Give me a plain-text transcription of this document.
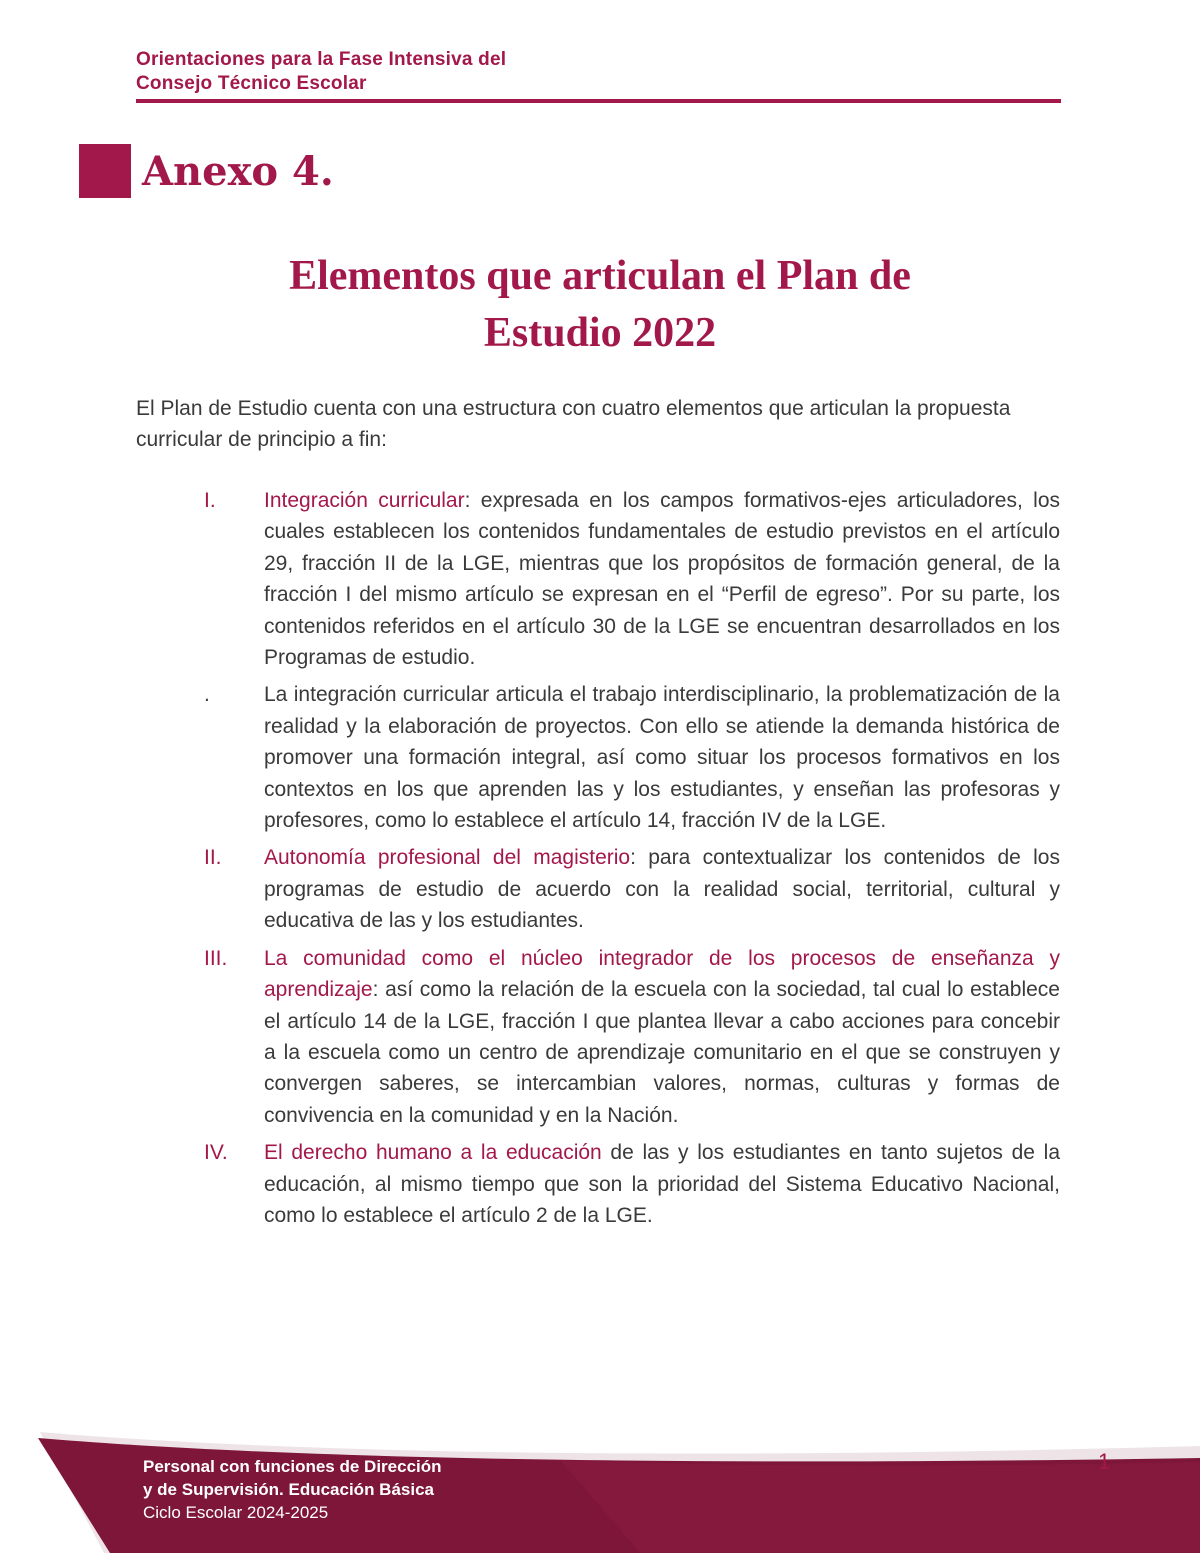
Orientaciones para la Fase Intensiva del
Consejo Técnico Escolar
Anexo 4.
Elementos que articulan el Plan de
Estudio 2022
El Plan de Estudio cuenta con una estructura con cuatro elementos que articulan la propuesta curricular de principio a fin:
I. Integración curricular: expresada en los campos formativos-ejes articuladores, los cuales establecen los contenidos fundamentales de estudio previstos en el artículo 29, fracción II de la LGE, mientras que los propósitos de formación general, de la fracción I del mismo artículo se expresan en el “Perfil de egreso”. Por su parte, los contenidos referidos en el artículo 30 de la LGE se encuentran desarrollados en los Programas de estudio.
.	La integración curricular articula el trabajo interdisciplinario, la problematización de la realidad y la elaboración de proyectos. Con ello se atiende la demanda histórica de promover una formación integral, así como situar los procesos formativos en los contextos en los que aprenden las y los estudiantes, y enseñan las profesoras y profesores, como lo establece el artículo 14, fracción IV de la LGE.
II. Autonomía profesional del magisterio: para contextualizar los contenidos de los programas de estudio de acuerdo con la realidad social, territorial, cultural y educativa de las y los estudiantes.
III. La comunidad como el núcleo integrador de los procesos de enseñanza y aprendizaje: así como la relación de la escuela con la sociedad, tal cual lo establece el artículo 14 de la LGE, fracción I que plantea llevar a cabo acciones para concebir a la escuela como un centro de aprendizaje comunitario en el que se construyen y convergen saberes, se intercambian valores, normas, culturas y formas de convivencia en la comunidad y en la Nación.
IV. El derecho humano a la educación de las y los estudiantes en tanto sujetos de la educación, al mismo tiempo que son la prioridad del Sistema Educativo Nacional, como lo establece el artículo 2 de la LGE.
Personal con funciones de Dirección
y de Supervisión. Educación Básica
Ciclo Escolar 2024-2025
1
